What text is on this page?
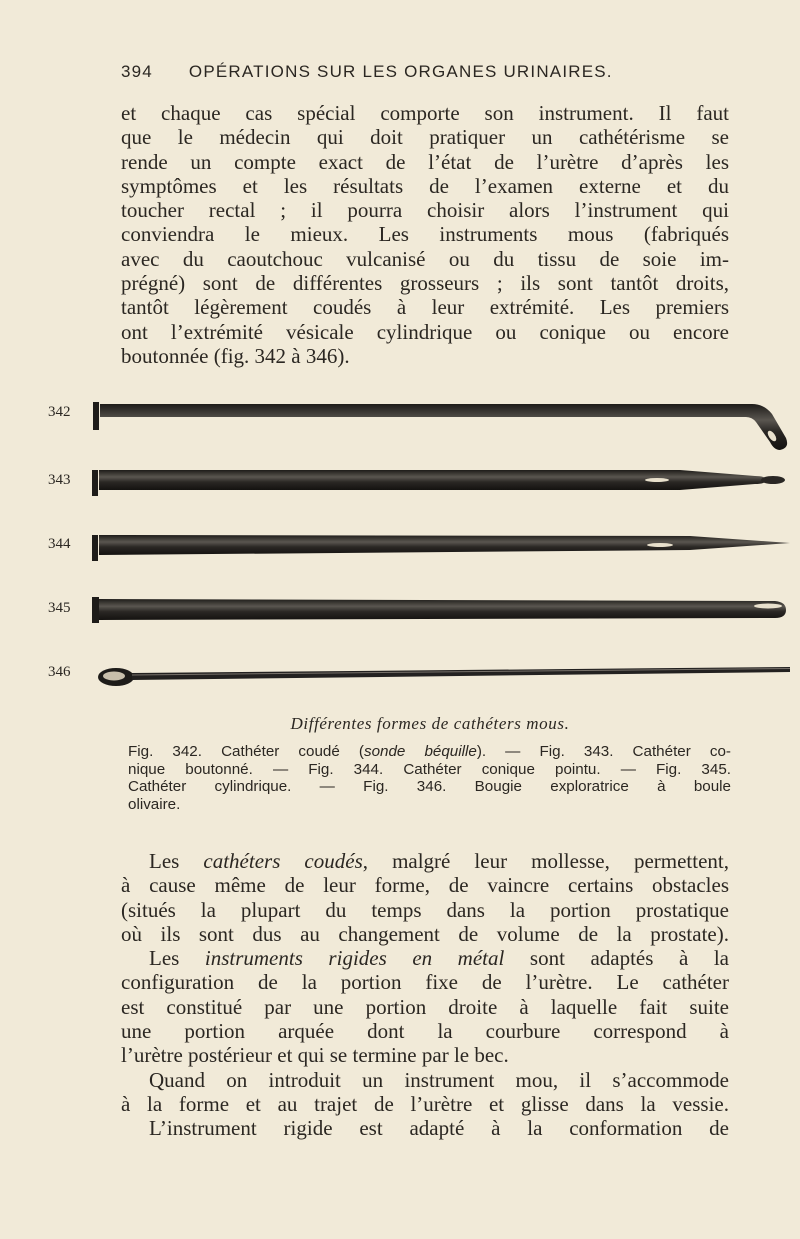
394 OPÉRATIONS SUR LES ORGANES URINAIRES.
et chaque cas spécial comporte son instrument. Il faut
que le médecin qui doit pratiquer un cathétérisme se
rende un compte exact de l’état de l’urètre d’après les
symptômes et les résultats de l’examen externe et du
toucher rectal ; il pourra choisir alors l’instrument qui
conviendra le mieux. Les instruments mous (fabriqués
avec du caoutchouc vulcanisé ou du tissu de soie im-
prégné) sont de différentes grosseurs ; ils sont tantôt droits,
tantôt légèrement coudés à leur extrémité. Les premiers
ont l’extrémité vésicale cylindrique ou conique ou encore
boutonnée (fig. 342 à 346).
342
343
344
345
346
Différentes formes de cathéters mous.
Fig. 342. Cathéter coudé (sonde béquille). — Fig. 343. Cathéter co-
nique boutonné. — Fig. 344. Cathéter conique pointu. — Fig. 345.
Cathéter cylindrique. — Fig. 346. Bougie exploratrice à boule
olivaire.
Les cathéters coudés, malgré leur mollesse, permettent,
à cause même de leur forme, de vaincre certains obstacles
(situés la plupart du temps dans la portion prostatique
où ils sont dus au changement de volume de la prostate).
Les instruments rigides en métal sont adaptés à la
configuration de la portion fixe de l’urètre. Le cathéter
est constitué par une portion droite à laquelle fait suite
une portion arquée dont la courbure correspond à
l’urètre postérieur et qui se termine par le bec.
Quand on introduit un instrument mou, il s’accommode
à la forme et au trajet de l’urètre et glisse dans la vessie.
L’instrument rigide est adapté à la conformation de
